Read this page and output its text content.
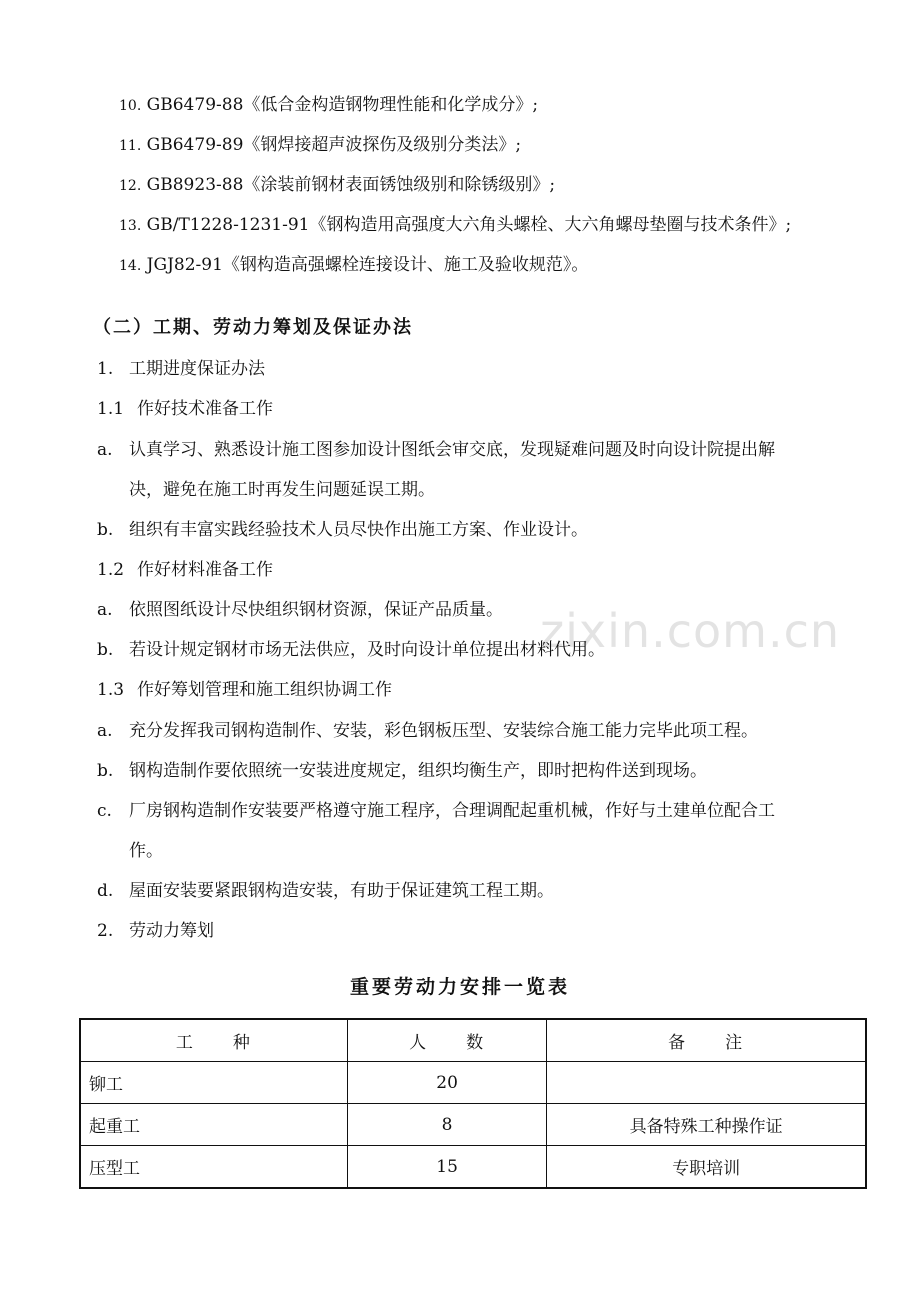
zixin.com.cn
10. GB6479-88《低合金构造钢物理性能和化学成分》;
11. GB6479-89《钢焊接超声波探伤及级别分类法》;
12. GB8923-88《涂装前钢材表面锈蚀级别和除锈级别》;
13. GB/T1228-1231-91《钢构造用高强度大六角头螺栓、大六角螺母垫圈与技术条件》;
14. JGJ82-91《钢构造高强螺栓连接设计、施工及验收规范》。
（二）工期、劳动力筹划及保证办法
1. 工期进度保证办法
1.1 作好技术准备工作
a. 认真学习、熟悉设计施工图参加设计图纸会审交底，发现疑难问题及时向设计院提出解
决，避免在施工时再发生问题延误工期。
b. 组织有丰富实践经验技术人员尽快作出施工方案、作业设计。
1.2 作好材料准备工作
a. 依照图纸设计尽快组织钢材资源，保证产品质量。
b. 若设计规定钢材市场无法供应，及时向设计单位提出材料代用。
1.3 作好筹划管理和施工组织协调工作
a. 充分发挥我司钢构造制作、安装，彩色钢板压型、安装综合施工能力完毕此项工程。
b. 钢构造制作要依照统一安装进度规定，组织均衡生产，即时把构件送到现场。
c. 厂房钢构造制作安装要严格遵守施工程序，合理调配起重机械，作好与土建单位配合工
作。
d. 屋面安装要紧跟钢构造安装，有助于保证建筑工程工期。
2. 劳动力筹划
重要劳动力安排一览表
工　　种	人　　数	备　　注
铆工	20	
起重工	8	具备特殊工种操作证
压型工	15	专职培训
